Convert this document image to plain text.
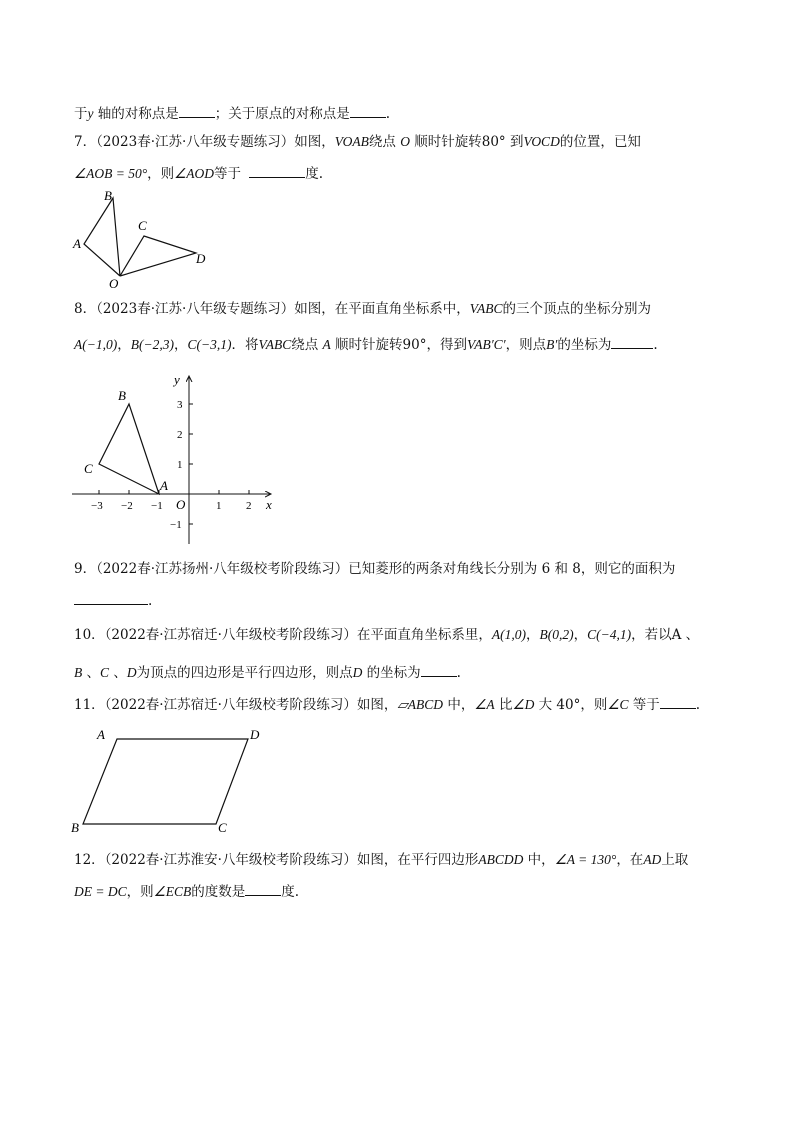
于y 轴的对称点是	；关于原点的对称点是	.
7．（2023春·江苏·八年级专题练习）如图，VOAB绕点 O 顺时针旋转80° 到VOCD的位置，已知
∠AOB = 50°，则∠AOD等于	度.
A
B
C
D
O
8．（2023春·江苏·八年级专题练习）如图，在平面直角坐标系中，VABC的三个顶点的坐标分别为
A(−1,0)，B(−2,3)，C(−3,1)．将VABC绕点 A 顺时针旋转90°，得到VAB′C′，则点B′的坐标为	.
−3 −2 −1	1 2
3
2
1
−1
y
x
O
A
B
C
9．（2022春·江苏扬州·八年级校考阶段练习）已知菱形的两条对角线长分别为 6 和 8，则它的面积为
.
10．（2022春·江苏宿迁·八年级校考阶段练习）在平面直角坐标系里，A(1,0)，B(0,2)，C(−4,1)，若以A 、
B 、C 、D为顶点的四边形是平行四边形，则点D 的坐标为	.
11．（2022春·江苏宿迁·八年级校考阶段练习）如图，▱ABCD 中，∠A 比∠D 大 40°，则∠C 等于	.
A	D
B	C
12．（2022春·江苏淮安·八年级校考阶段练习）如图，在平行四边形ABCDD 中，∠A = 130°，在AD上取
DE = DC，则∠ECB的度数是	度.
